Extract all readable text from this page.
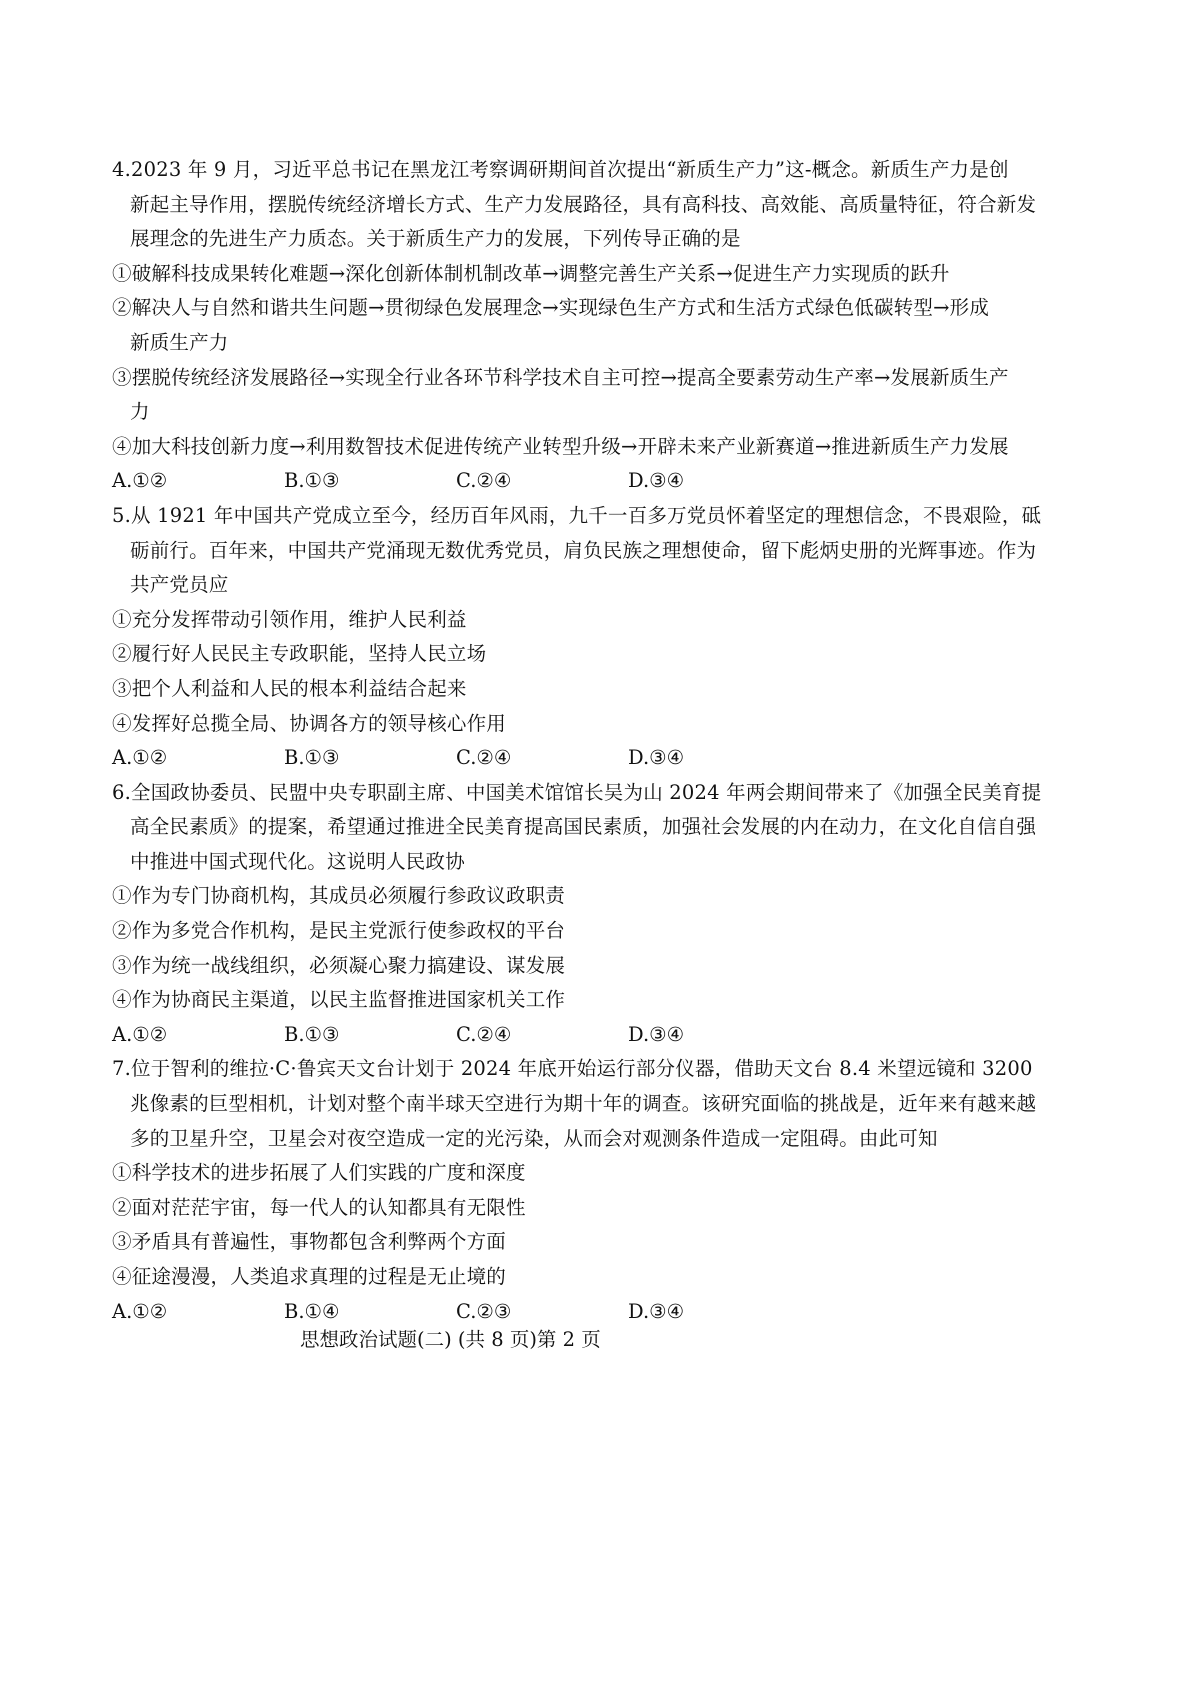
4.2023 年 9 月，习近平总书记在黑龙江考察调研期间首次提出“新质生产力”这-概念。新质生产力是创
新起主导作用，摆脱传统经济增长方式、生产力发展路径，具有高科技、高效能、高质量特征，符合新发
展理念的先进生产力质态。关于新质生产力的发展，下列传导正确的是
①破解科技成果转化难题→深化创新体制机制改革→调整完善生产关系→促进生产力实现质的跃升
②解决人与自然和谐共生问题→贯彻绿色发展理念→实现绿色生产方式和生活方式绿色低碳转型→形成
新质生产力
③摆脱传统经济发展路径→实现全行业各环节科学技术自主可控→提高全要素劳动生产率→发展新质生产
力
④加大科技创新力度→利用数智技术促进传统产业转型升级→开辟未来产业新赛道→推进新质生产力发展
A.①②	B.①③	C.②④	D.③④
5.从 1921 年中国共产党成立至今，经历百年风雨，九千一百多万党员怀着坚定的理想信念，不畏艰险，砥
砺前行。百年来，中国共产党涌现无数优秀党员，肩负民族之理想使命，留下彪炳史册的光辉事迹。作为
共产党员应
①充分发挥带动引领作用，维护人民利益
②履行好人民民主专政职能，坚持人民立场
③把个人利益和人民的根本利益结合起来
④发挥好总揽全局、协调各方的领导核心作用
A.①②	B.①③	C.②④	D.③④
6.全国政协委员、民盟中央专职副主席、中国美术馆馆长吴为山 2024 年两会期间带来了《加强全民美育提
高全民素质》的提案，希望通过推进全民美育提高国民素质，加强社会发展的内在动力，在文化自信自强
中推进中国式现代化。这说明人民政协
①作为专门协商机构，其成员必须履行参政议政职责
②作为多党合作机构，是民主党派行使参政权的平台
③作为统一战线组织，必须凝心聚力搞建设、谋发展
④作为协商民主渠道，以民主监督推进国家机关工作
A.①②	B.①③	C.②④	D.③④
7.位于智利的维拉·C·鲁宾天文台计划于 2024 年底开始运行部分仪器，借助天文台 8.4 米望远镜和 3200
兆像素的巨型相机，计划对整个南半球天空进行为期十年的调查。该研究面临的挑战是，近年来有越来越
多的卫星升空，卫星会对夜空造成一定的光污染，从而会对观测条件造成一定阻碍。由此可知
①科学技术的进步拓展了人们实践的广度和深度
②面对茫茫宇宙，每一代人的认知都具有无限性
③矛盾具有普遍性，事物都包含利弊两个方面
④征途漫漫，人类追求真理的过程是无止境的
A.①②	B.①④	C.②③	D.③④
思想政治试题(二) (共 8 页)第 2 页
